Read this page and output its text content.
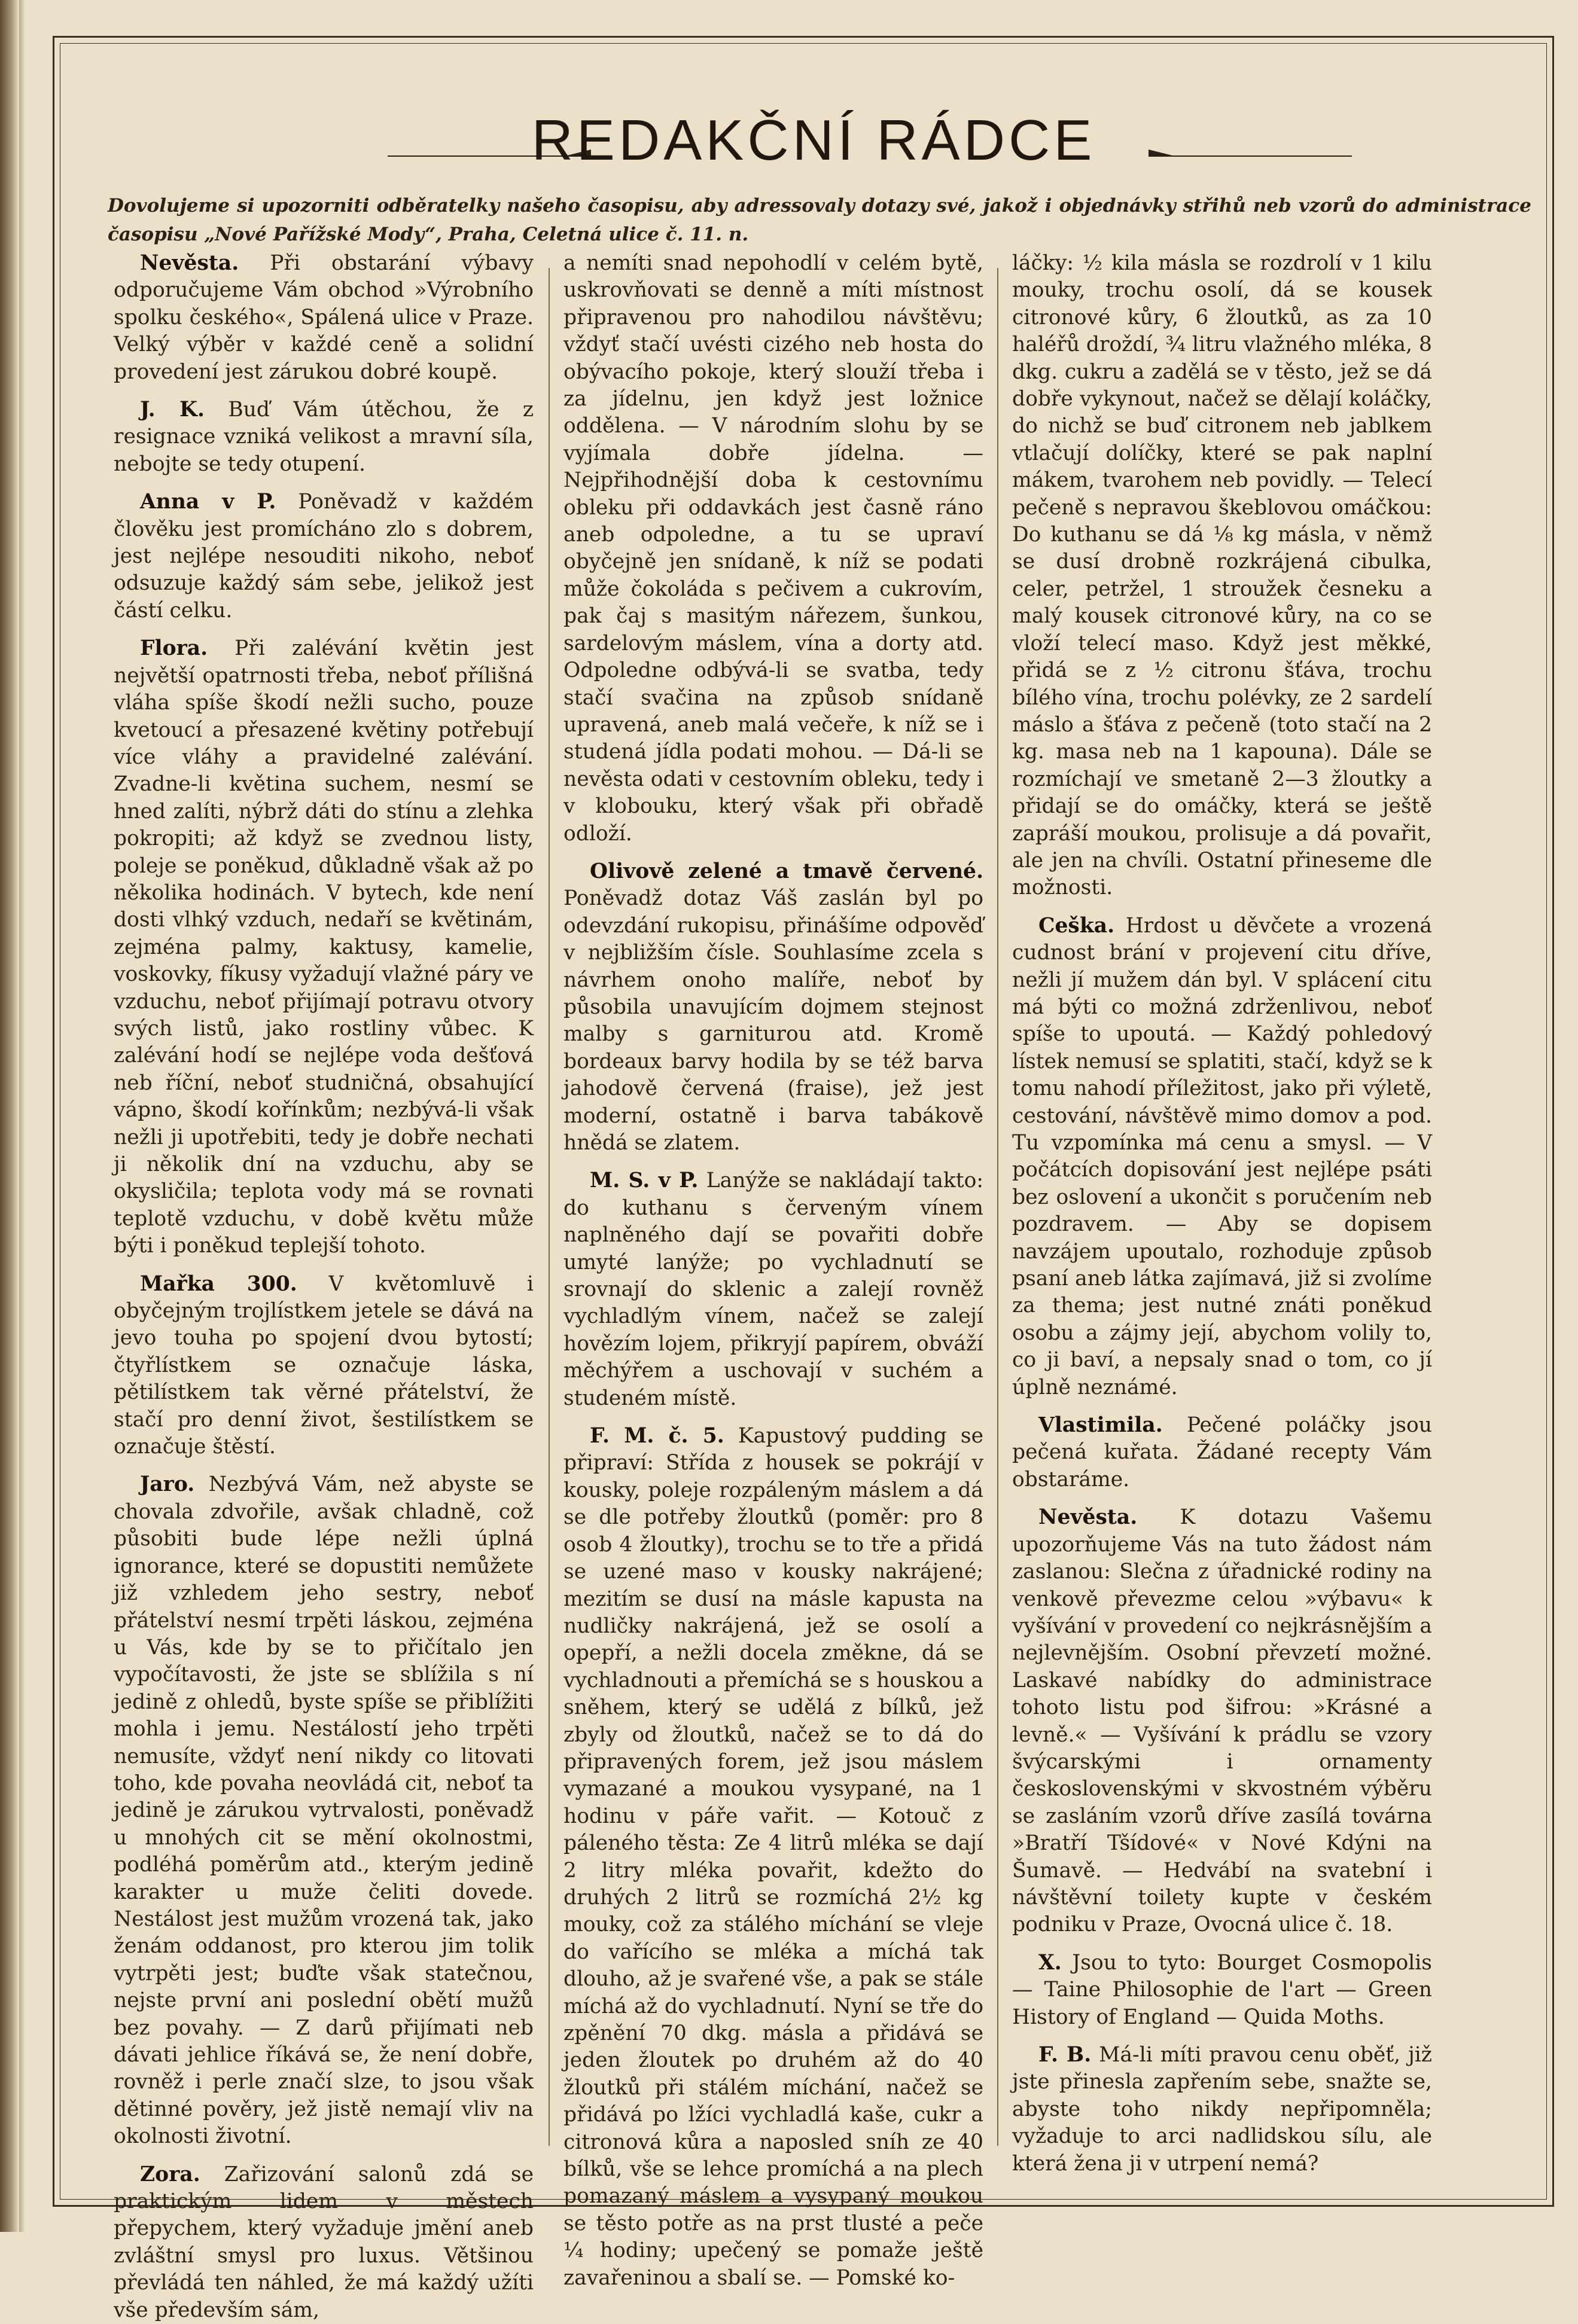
REDAKČNÍ RÁDCE
Dovolujeme si upozorniti odběratelky našeho časopisu, aby adressovaly dotazy své, jakož i objednávky střihů neb vzorů do administrace časopisu „Nové Pařížské Mody“, Praha, Celetná ulice č. 11. n.

Nevěsta. Při obstarání výbavy odporučujeme Vám obchod »Výrobního spolku českého«, Spálená ulice v Praze. Velký výběr v každé ceně a solidní provedení jest zárukou dobré koupě.

J. K. Buď Vám útěchou, že z resignace vzniká velikost a mravní síla, nebojte se tedy otupení.

Anna v P. Poněvadž v každém člověku jest promícháno zlo s dobrem, jest nejlépe nesouditi nikoho, neboť odsuzuje každý sám sebe, jelikož jest částí celku.

Flora. Při zalévání květin jest největší opatrnosti třeba, neboť přílišná vláha spíše škodí nežli sucho, pouze kvetoucí a přesazené květiny potřebují více vláhy a pravidelné zalévání. Zvadne-li květina suchem, nesmí se hned zalíti, nýbrž dáti do stínu a zlehka pokropiti; až když se zvednou listy, poleje se poněkud, důkladně však až po několika hodinách. V bytech, kde není dosti vlhký vzduch, nedaří se květinám, zejména palmy, kaktusy, kamelie, voskovky, fíkusy vyžadují vlažné páry ve vzduchu, neboť přijímají potravu otvory svých listů, jako rostliny vůbec. K zalévání hodí se nejlépe voda dešťová neb říční, neboť studničná, obsahující vápno, škodí kořínkům; nezbývá-li však nežli ji upotřebiti, tedy je dobře nechati ji několik dní na vzduchu, aby se okysličila; teplota vody má se rovnati teplotě vzduchu, v době květu může býti i poněkud teplejší tohoto.

Mařka 300. V květomluvě i obyčejným trojlístkem jetele se dává na jevo touha po spojení dvou bytostí; čtyřlístkem se označuje láska, pětilístkem tak věrné přátelství, že stačí pro denní život, šestilístkem se označuje štěstí.

Jaro. Nezbývá Vám, než abyste se chovala zdvořile, avšak chladně, což působiti bude lépe nežli úplná ignorance, které se dopustiti nemůžete již vzhledem jeho sestry, neboť přátelství nesmí trpěti láskou, zejména u Vás, kde by se to přičítalo jen vypočítavosti, že jste se sblížila s ní jedině z ohledů, byste spíše se přiblížiti mohla i jemu. Nestálostí jeho trpěti nemusíte, vždyť není nikdy co litovati toho, kde povaha neovládá cit, neboť ta jedině je zárukou vytrvalosti, poněvadž u mnohých cit se mění okolnostmi, podléhá poměrům atd., kterým jedině karakter u muže čeliti dovede. Nestálost jest mužům vrozená tak, jako ženám oddanost, pro kterou jim tolik vytrpěti jest; buďte však statečnou, nejste první ani poslední obětí mužů bez povahy. — Z darů přijímati neb dávati jehlice říkává se, že není dobře, rovněž i perle značí slze, to jsou však dětinné pověry, jež jistě nemají vliv na okolnosti životní.

Zora. Zařizování salonů zdá se praktickým lidem v městech přepychem, který vyžaduje jmění aneb zvláštní smysl pro luxus. Většinou převládá ten náhled, že má každý užíti vše především sám,

a nemíti snad nepohodlí v celém bytě, uskrovňovati se denně a míti místnost připravenou pro nahodilou návštěvu; vždyť stačí uvésti cizého neb hosta do obývacího pokoje, který slouží třeba i za jídelnu, jen když jest ložnice oddělena. — V národním slohu by se vyjímala dobře jídelna. — Nejpřihodnější doba k cestovnímu obleku při oddavkách jest časně ráno aneb odpoledne, a tu se upraví obyčejně jen snídaně, k níž se podati může čokoláda s pečivem a cukrovím, pak čaj s masitým nářezem, šunkou, sardelovým máslem, vína a dorty atd. Odpoledne odbývá-li se svatba, tedy stačí svačina na způsob snídaně upravená, aneb malá večeře, k níž se i studená jídla podati mohou. — Dá-li se nevěsta odati v cestovním obleku, tedy i v klobouku, který však při obřadě odloží.

Olivově zelené a tmavě červené. Poněvadž dotaz Váš zaslán byl po odevzdání rukopisu, přinášíme odpověď v nejbližším čísle. Souhlasíme zcela s návrhem onoho malíře, neboť by působila unavujícím dojmem stejnost malby s garniturou atd. Kromě bordeaux barvy hodila by se též barva jahodově červená (fraise), jež jest moderní, ostatně i barva tabákově hnědá se zlatem.

M. S. v P. Lanýže se nakládají takto: do kuthanu s červeným vínem naplněného dají se povařiti dobře umyté lanýže; po vychladnutí se srovnají do sklenic a zalejí rovněž vychladlým vínem, načež se zalejí hovězím lojem, přikryjí papírem, obváží měchýřem a uschovají v suchém a studeném místě.

F. M. č. 5. Kapustový pudding se připraví: Střída z housek se pokrájí v kousky, poleje rozpáleným máslem a dá se dle potřeby žloutků (poměr: pro 8 osob 4 žloutky), trochu se to tře a přidá se uzené maso v kousky nakrájené; mezitím se dusí na másle kapusta na nudličky nakrájená, jež se osolí a opepří, a nežli docela změkne, dá se vychladnouti a přemíchá se s houskou a sněhem, který se udělá z bílků, jež zbyly od žloutků, načež se to dá do připravených forem, jež jsou máslem vymazané a moukou vysypané, na 1 hodinu v páře vařit. — Kotouč z páleného těsta: Ze 4 litrů mléka se dají 2 litry mléka povařit, kdežto do druhých 2 litrů se rozmíchá 2½ kg mouky, což za stálého míchání se vleje do vařícího se mléka a míchá tak dlouho, až je svařené vše, a pak se stále míchá až do vychladnutí. Nyní se tře do zpěnění 70 dkg. másla a přidává se jeden žloutek po druhém až do 40 žloutků při stálém míchání, načež se přidává po lžíci vychladlá kaše, cukr a citronová kůra a naposled sníh ze 40 bílků, vše se lehce promíchá a na plech pomazaný máslem a vysypaný moukou se těsto potře as na prst tlusté a peče ¼ hodiny; upečený se pomaže ještě zavařeninou a sbalí se. — Pomské ko-

láčky: ½ kila másla se rozdrolí v 1 kilu mouky, trochu osolí, dá se kousek citronové kůry, 6 žloutků, as za 10 haléřů droždí, ¾ litru vlažného mléka, 8 dkg. cukru a zadělá se v těsto, jež se dá dobře vykynout, načež se dělají koláčky, do nichž se buď citronem neb jablkem vtlačují dolíčky, které se pak naplní mákem, tvarohem neb povidly. — Telecí pečeně s nepravou škeblovou omáčkou: Do kuthanu se dá ⅛ kg másla, v němž se dusí drobně rozkrájená cibulka, celer, petržel, 1 stroužek česneku a malý kousek citronové kůry, na co se vloží telecí maso. Když jest měkké, přidá se z ½ citronu šťáva, trochu bílého vína, trochu polévky, ze 2 sardelí máslo a šťáva z pečeně (toto stačí na 2 kg. masa neb na 1 kapouna). Dále se rozmíchají ve smetaně 2—3 žloutky a přidají se do omáčky, která se ještě zapráší moukou, prolisuje a dá povařit, ale jen na chvíli. Ostatní přineseme dle možnosti.

Ceška. Hrdost u děvčete a vrozená cudnost brání v projevení citu dříve, nežli jí mužem dán byl. V splácení citu má býti co možná zdrženlivou, neboť spíše to upoutá. — Každý pohledový lístek nemusí se splatiti, stačí, když se k tomu nahodí příležitost, jako při výletě, cestování, návštěvě mimo domov a pod. Tu vzpomínka má cenu a smysl. — V počátcích dopisování jest nejlépe psáti bez oslovení a ukončit s poručením neb pozdravem. — Aby se dopisem navzájem upoutalo, rozhoduje způsob psaní aneb látka zajímavá, již si zvolíme za thema; jest nutné znáti poněkud osobu a zájmy její, abychom volily to, co ji baví, a nepsaly snad o tom, co jí úplně neznámé.

Vlastimila. Pečené poláčky jsou pečená kuřata. Žádané recepty Vám obstaráme.

Nevěsta. K dotazu Vašemu upozorňujeme Vás na tuto žádost nám zaslanou: Slečna z úřadnické rodiny na venkově převezme celou »výbavu« k vyšívání v provedení co nejkrásnějším a nejlevnějším. Osobní převzetí možné. Laskavé nabídky do administrace tohoto listu pod šifrou: »Krásné a levně.« — Vyšívání k prádlu se vzory švýcarskými i ornamenty československými v skvostném výběru se zasláním vzorů dříve zasílá továrna »Bratří Tšídové« v Nové Kdýni na Šumavě. — Hedvábí na svatební i návštěvní toilety kupte v českém podniku v Praze, Ovocná ulice č. 18.

X. Jsou to tyto: Bourget Cosmopolis — Taine Philosophie de l'art — Green History of England — Quida Moths.

F. B. Má-li míti pravou cenu oběť, již jste přinesla zapřením sebe, snažte se, abyste toho nikdy nepřipomněla; vyžaduje to arci nadlidskou sílu, ale která žena ji v utrpení nemá?
